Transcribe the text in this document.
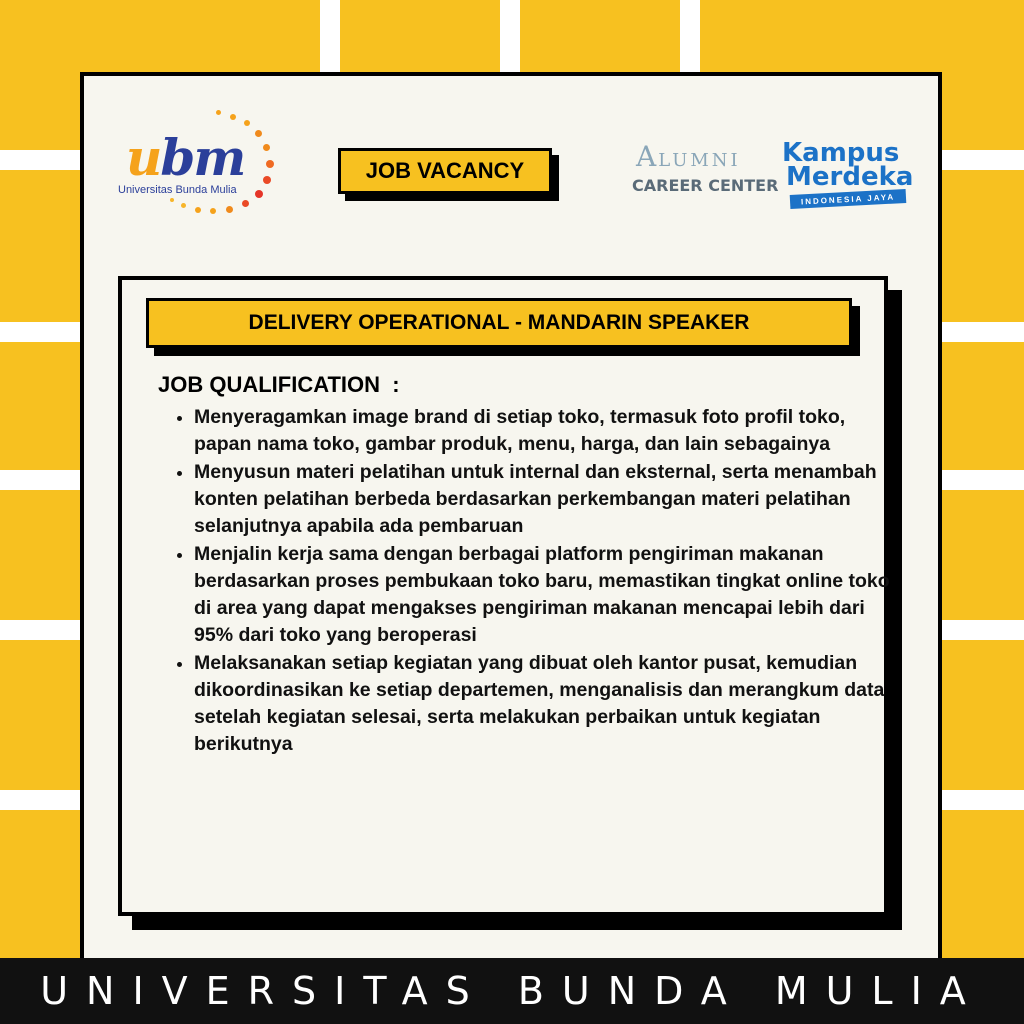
ubm
Universitas Bunda Mulia
JOB VACANCY	ALUMNI
CAREER CENTER
Kampus
Merdeka
INDONESIA JAYA
DELIVERY OPERATIONAL - MANDARIN SPEAKER
JOB QUALIFICATION  :
• Menyeragamkan image brand di setiap toko, termasuk foto profil toko, papan nama toko, gambar produk, menu, harga, dan lain sebagainya
• Menyusun materi pelatihan untuk internal dan eksternal, serta menambah konten pelatihan berbeda berdasarkan perkembangan materi pelatihan selanjutnya apabila ada pembaruan
• Menjalin kerja sama dengan berbagai platform pengiriman makanan berdasarkan proses pembukaan toko baru, memastikan tingkat online toko di area yang dapat mengakses pengiriman makanan mencapai lebih dari 95% dari toko yang beroperasi
• Melaksanakan setiap kegiatan yang dibuat oleh kantor pusat, kemudian dikoordinasikan ke setiap departemen, menganalisis dan merangkum data setelah kegiatan selesai, serta melakukan perbaikan untuk kegiatan berikutnya
UNIVERSITAS BUNDA MULIA
